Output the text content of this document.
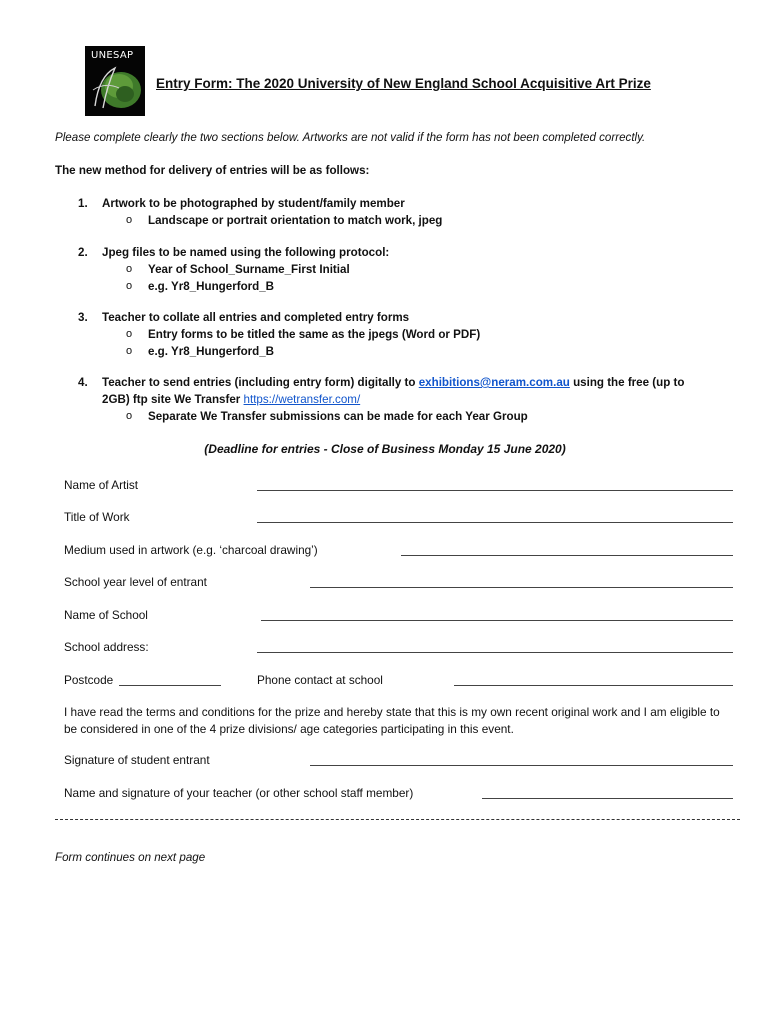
UNESAP
Entry Form: The 2020 University of New England School Acquisitive Art Prize
Please complete clearly the two sections below. Artworks are not valid if the form has not been completed correctly.
The new method for delivery of entries will be as follows:
1. Artwork to be photographed by student/family member
o Landscape or portrait orientation to match work, jpeg
2. Jpeg files to be named using the following protocol:
o Year of School_Surname_First Initial
o e.g. Yr8_Hungerford_B
3. Teacher to collate all entries and completed entry forms
o Entry forms to be titled the same as the jpegs (Word or PDF)
o e.g. Yr8_Hungerford_B
4. Teacher to send entries (including entry form) digitally to exhibitions@neram.com.au using the free (up to
2GB) ftp site We Transfer https://wetransfer.com/
o Separate We Transfer submissions can be made for each Year Group
(Deadline for entries - Close of Business Monday 15 June 2020)
Name of Artist
Title of Work
Medium used in artwork (e.g. ‘charcoal drawing’)
School year level of entrant
Name of School
School address:
Postcode	Phone contact at school
I have read the terms and conditions for the prize and hereby state that this is my own recent original work and I am eligible to be considered in one of the 4 prize divisions/ age categories participating in this event.
Signature of student entrant
Name and signature of your teacher (or other school staff member)
Form continues on next page
